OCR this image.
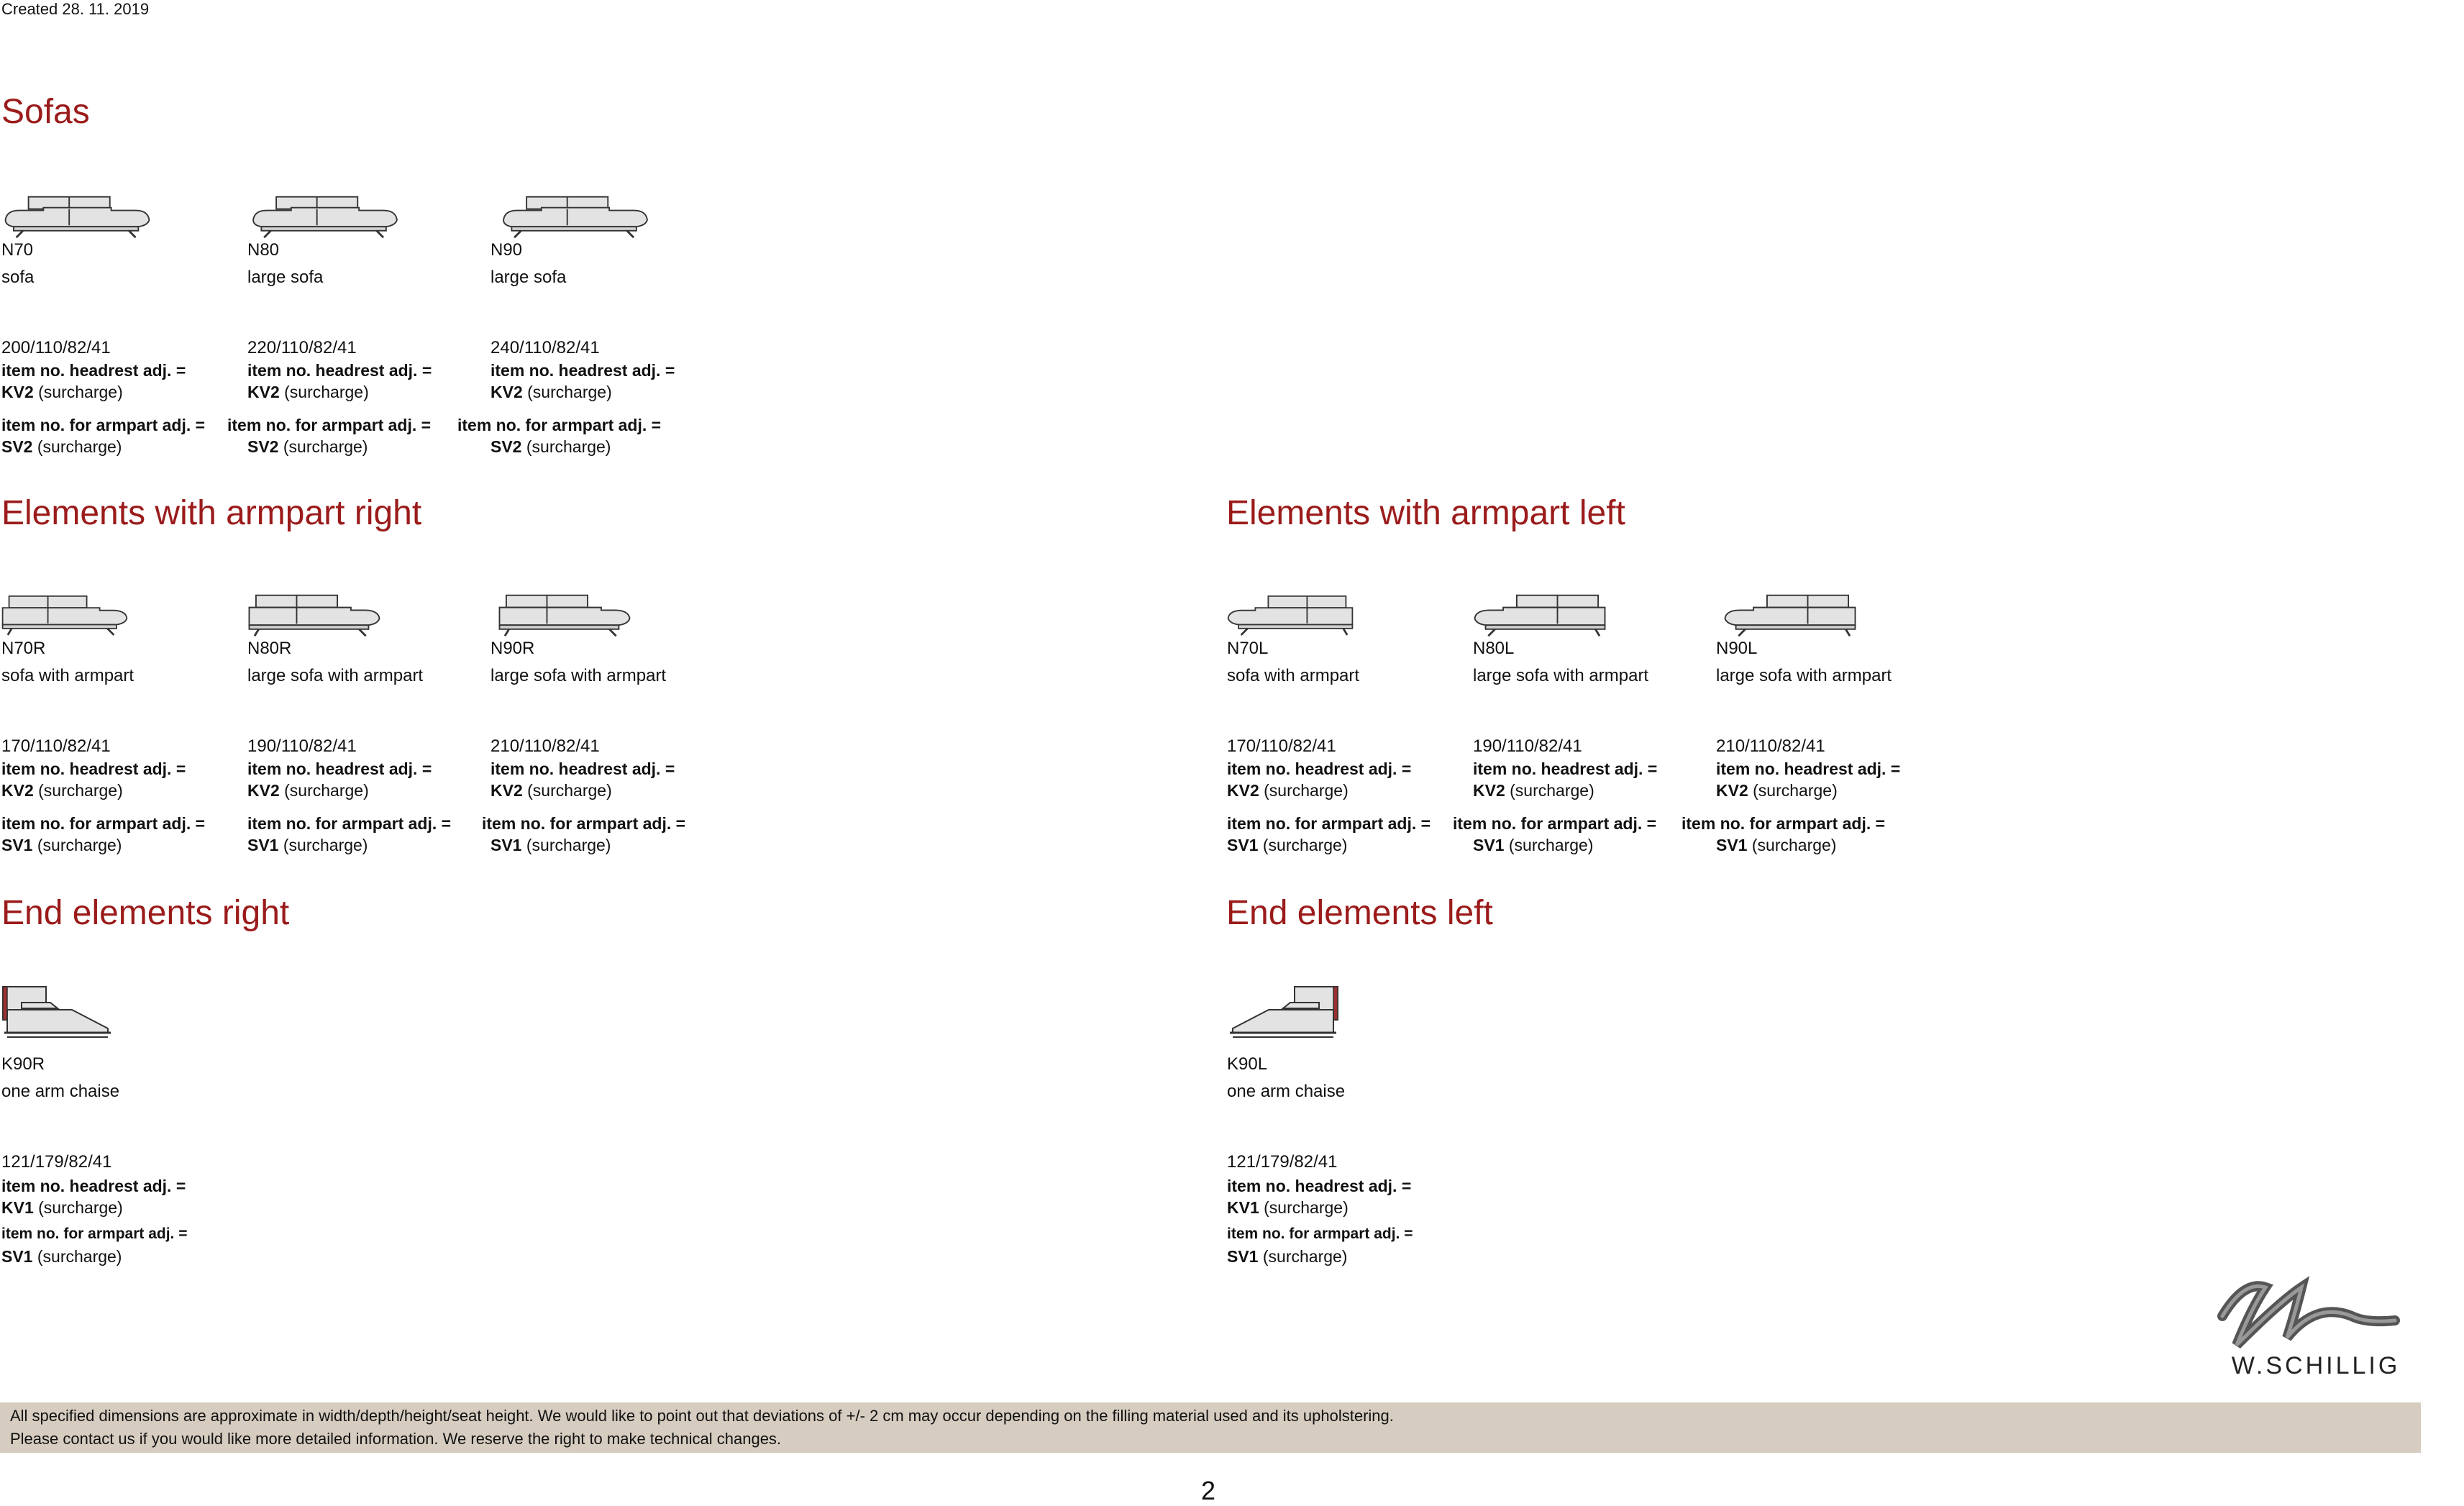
Created 28. 11. 2019
Sofas
Elements with armpart right	Elements with armpart left
End elements right	End elements left
N70
sofa
200/110/82/41
item no. headrest adj. =
KV2 (surcharge)
item no. for armpart adj. =
SV2 (surcharge)
N80
large sofa
220/110/82/41
item no. headrest adj. =
KV2 (surcharge)
item no. for armpart adj. =
SV2 (surcharge)
N90
large sofa
240/110/82/41
item no. headrest adj. =
KV2 (surcharge)
item no. for armpart adj. =
SV2 (surcharge)
N70R
sofa with armpart
170/110/82/41
item no. headrest adj. =
KV2 (surcharge)
item no. for armpart adj. =
SV1 (surcharge)
N80R
large sofa with armpart
190/110/82/41
item no. headrest adj. =
KV2 (surcharge)
item no. for armpart adj. =
SV1 (surcharge)
N90R
large sofa with armpart
210/110/82/41
item no. headrest adj. =
KV2 (surcharge)
item no. for armpart adj. =
SV1 (surcharge)
N70L
sofa with armpart
170/110/82/41
item no. headrest adj. =
KV2 (surcharge)
item no. for armpart adj. =
SV1 (surcharge)
N80L
large sofa with armpart
190/110/82/41
item no. headrest adj. =
KV2 (surcharge)
item no. for armpart adj. =
SV1 (surcharge)
N90L
large sofa with armpart
210/110/82/41
item no. headrest adj. =
KV2 (surcharge)
item no. for armpart adj. =
SV1 (surcharge)
K90R
one arm chaise
121/179/82/41
item no. headrest adj. =
KV1 (surcharge)
item no. for armpart adj. =
SV1 (surcharge)
K90L
one arm chaise
121/179/82/41
item no. headrest adj. =
KV1 (surcharge)
item no. for armpart adj. =
SV1 (surcharge)
W.SCHILLIG
All specified dimensions are approximate in width/depth/height/seat height. We would like to point out that deviations of +/- 2 cm may occur depending on the filling material used and its upholstering.
Please contact us if you would like more detailed information. We reserve the right to make technical changes.
2
